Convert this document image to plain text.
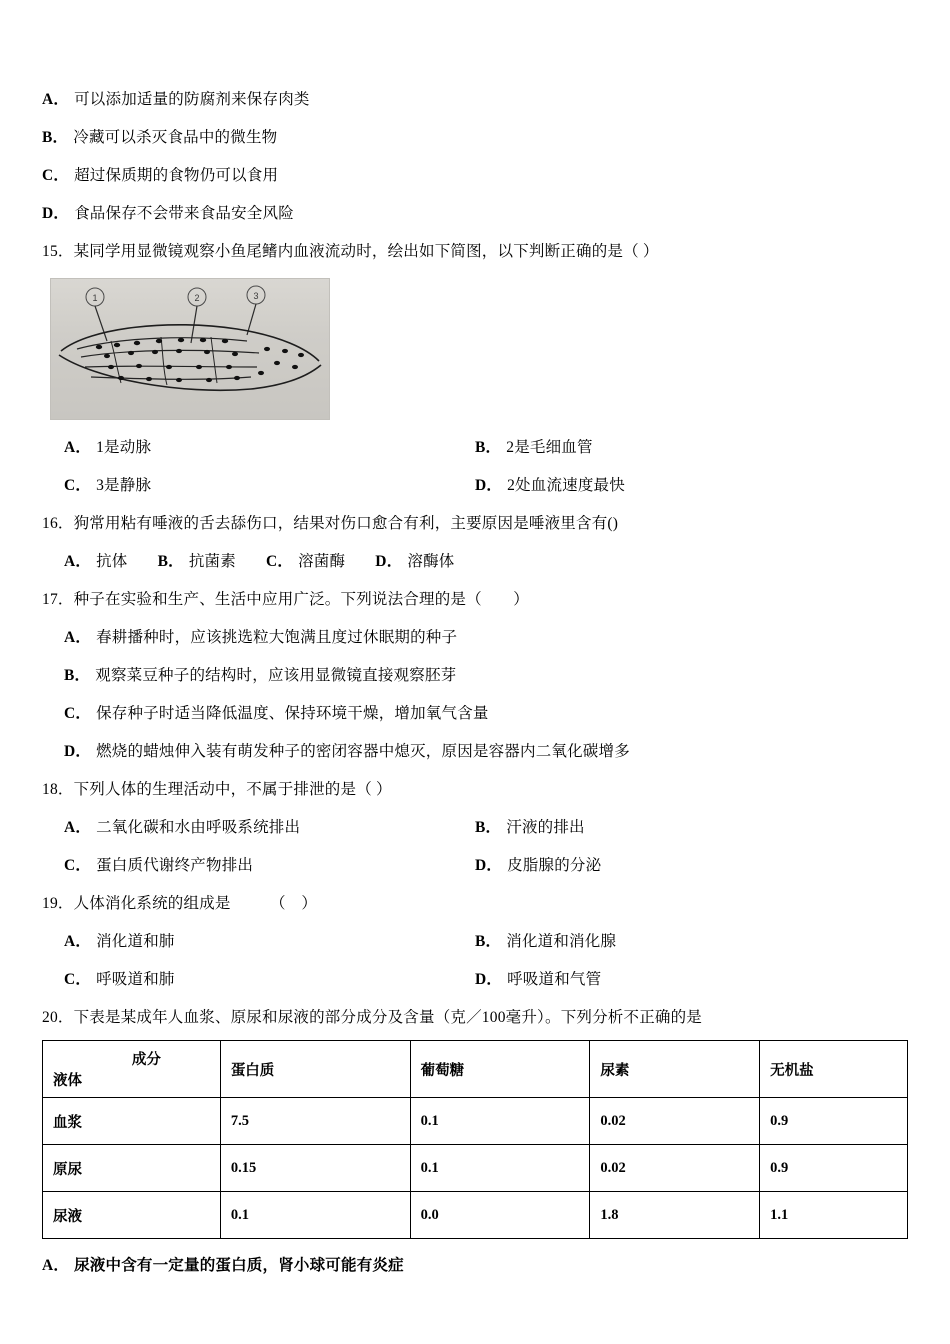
A． 可以添加适量的防腐剂来保存肉类

B． 冷藏可以杀灭食品中的微生物

C． 超过保质期的食物仍可以食用

D． 食品保存不会带来食品安全风险

15．某同学用显微镜观察小鱼尾鳍内血液流动时，绘出如下简图，以下判断正确的是（ ）

1	2	3
A． 1是动脉	B． 2是毛细血管
C． 3是静脉	D． 2处血流速度最快

16．狗常用粘有唾液的舌去舔伤口，结果对伤口愈合有利，主要原因是唾液里含有()

A． 抗体 B． 抗菌素 C． 溶菌酶 D． 溶酶体

17．种子在实验和生产、生活中应用广泛。下列说法合理的是（　　）

A． 春耕播种时，应该挑选粒大饱满且度过休眠期的种子

B． 观察菜豆种子的结构时，应该用显微镜直接观察胚芽

C． 保存种子时适当降低温度、保持环境干燥，增加氧气含量

D． 燃烧的蜡烛伸入装有萌发种子的密闭容器中熄灭，原因是容器内二氧化碳增多

18．下列人体的生理活动中，不属于排泄的是（ ）

A． 二氧化碳和水由呼吸系统排出	B． 汗液的排出
C． 蛋白质代谢终产物排出	D． 皮脂腺的分泌

19．人体消化系统的组成是　　　（　）

A． 消化道和肺	B． 消化道和消化腺
C． 呼吸道和肺	D． 呼吸道和气管

20．下表是某成年人血浆、原尿和尿液的部分成分及含量（克／100毫升）。下列分析不正确的是

成分
液体	蛋白质	葡萄糖	尿素	无机盐
血浆	7.5	0.1	0.02	0.9
原尿	0.15	0.1	0.02	0.9
尿液	0.1	0.0	1.8	1.1

A． 尿液中含有一定量的蛋白质，肾小球可能有炎症
